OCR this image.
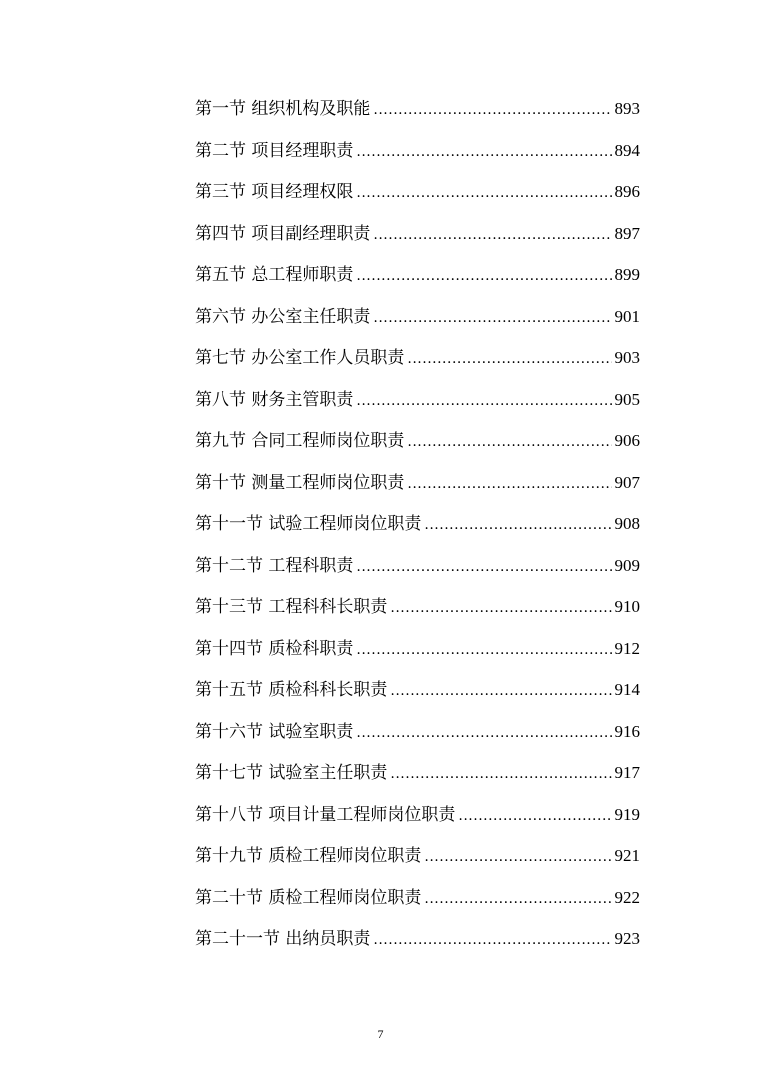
第一节 组织机构及职能 .....	893
第二节 项目经理职责 .....	894
第三节 项目经理权限 .....	896
第四节 项目副经理职责 .....	897
第五节 总工程师职责 .....	899
第六节 办公室主任职责 .....	901
第七节 办公室工作人员职责 .....	903
第八节 财务主管职责 .....	905
第九节 合同工程师岗位职责 .....	906
第十节 测量工程师岗位职责 .....	907
第十一节 试验工程师岗位职责 .....	908
第十二节 工程科职责 .....	909
第十三节 工程科科长职责 .....	910
第十四节 质检科职责 .....	912
第十五节 质检科科长职责 .....	914
第十六节 试验室职责 .....	916
第十七节 试验室主任职责 .....	917
第十八节 项目计量工程师岗位职责 .....	919
第十九节 质检工程师岗位职责 .....	921
第二十节 质检工程师岗位职责 .....	922
第二十一节 出纳员职责 .....	923
7
